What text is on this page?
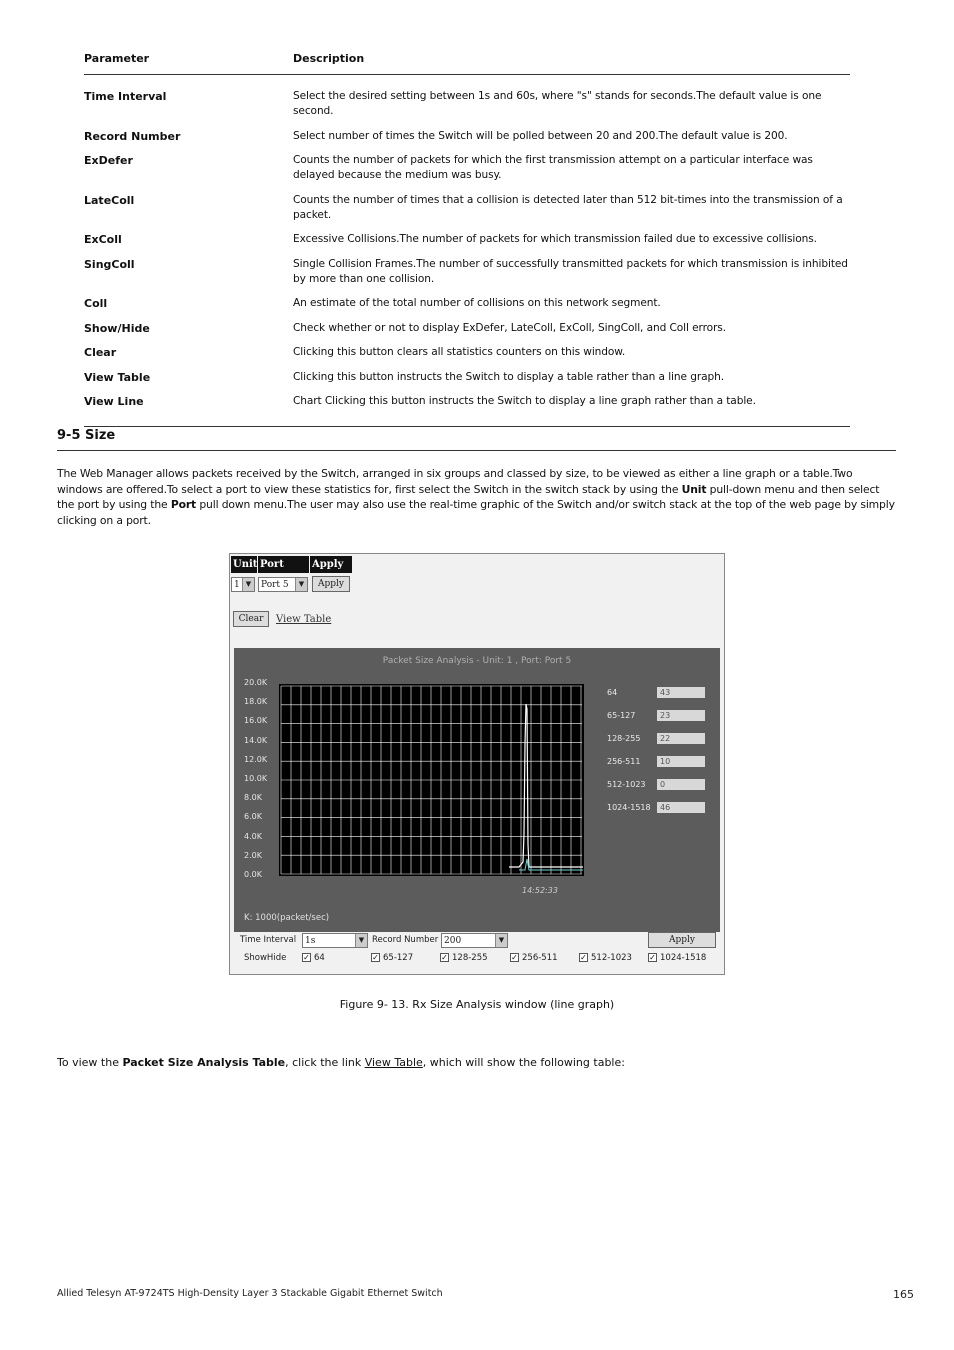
Parameter	Description
Time Interval	Select the desired setting between 1s and 60s, where "s" stands for seconds.The default value is one second.
Record Number	Select number of times the Switch will be polled between 20 and 200.The default value is 200.
ExDefer	Counts the number of packets for which the first transmission attempt on a particular interface was delayed because the medium was busy.
LateColl	Counts the number of times that a collision is detected later than 512 bit-times into the transmission of a packet.
ExColl	Excessive Collisions.The number of packets for which transmission failed due to excessive collisions.
SingColl	Single Collision Frames.The number of successfully transmitted packets for which transmission is inhibited by more than one collision.
Coll	An estimate of the total number of collisions on this network segment.
Show/Hide	Check whether or not to display ExDefer, LateColl, ExColl, SingColl, and Coll errors.
Clear	Clicking this button clears all statistics counters on this window.
View Table	Clicking this button instructs the Switch to display a table rather than a line graph.
View Line	Chart Clicking this button instructs the Switch to display a line graph rather than a table.
9-5 Size
The Web Manager allows packets received by the Switch, arranged in six groups and classed by size, to be viewed as either a line graph or a table.Two windows are offered.To select a port to view these statistics for, first select the Switch in the switch stack by using the Unit pull-down menu and then select the port by using the Port pull down menu.The user may also use the real-time graphic of the Switch and/or switch stack at the top of the web page by simply clicking on a port.
Unit Port	Apply
1 ▼	Port 5	▼	Apply
Clear	View Table
Packet Size Analysis - Unit: 1 , Port: Port 5
20.0K
18.0K
16.0K
14.0K
12.0K
10.0K
8.0K
6.0K
4.0K
2.0K
0.0K
14:52:33
64	43
65-127	23
128-255	22
256-511	10
512-1023	0
1024-1518	46
K: 1000(packet/sec)
Time Interval 1s	▼ Record Number 200	▼	Apply
ShowHide ✓ 64	✓ 65-127	✓ 128-255	✓ 256-511	✓ 512-1023 ✓ 1024-1518
Figure 9- 13. Rx Size Analysis window (line graph)
To view the Packet Size Analysis Table, click the link View Table, which will show the following table:
Allied Telesyn AT-9724TS High-Density Layer 3 Stackable Gigabit Ethernet Switch	165
